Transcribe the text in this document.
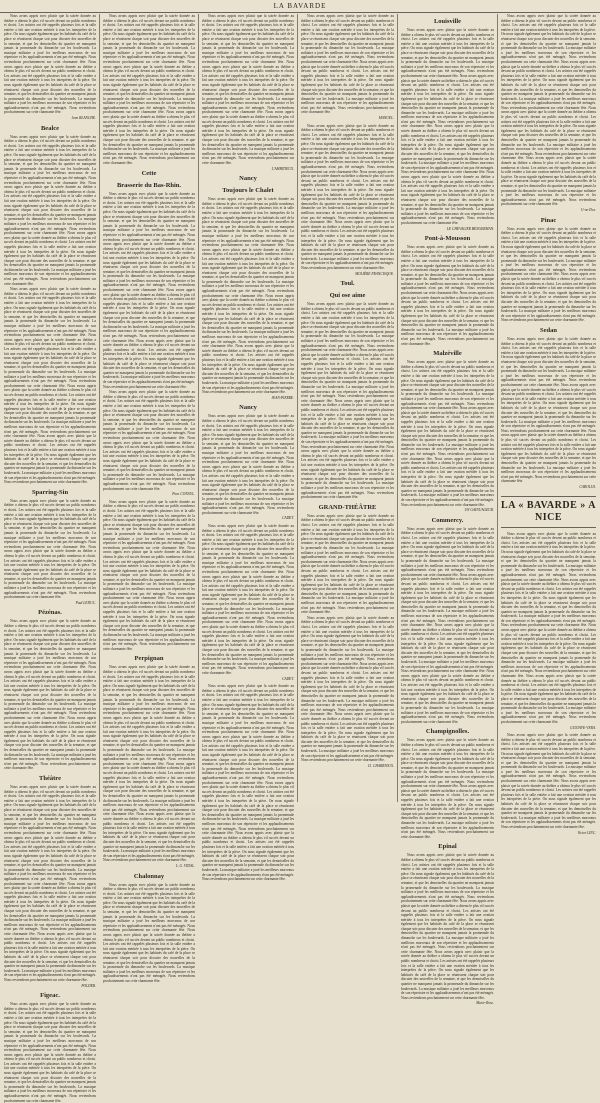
LA BAVARDE

Nous avons appris avec plaisir que la soirée donnée au théâtre a obtenu le plus vif succès devant un public nombreux et choisi. Les artistes ont été rappelés plusieurs fois et la salle entière a fait une ovation méritée à tous les interprètes de la pièce. On nous signale également que les habitués du café de la place se réunissent chaque soir pour discuter des nouvelles de la semaine, et que les demoiselles du quartier ne manquent jamais la promenade du dimanche sur les boulevards. La musique militaire a joué les meilleurs morceaux de son répertoire et les applaudissements n'ont pas été ménagés. Nous reviendrons prochainement sur cette charmante fête. Nous avons appris avec plaisir que la soirée donnée au théâtre a obtenu le plus vif succès devant un public nombreux et choisi. Les artistes ont été rappelés plusieurs fois et la salle entière a fait une ovation méritée à tous les interprètes de la pièce. On nous signale également que les habitués du café de la place se réunissent chaque soir pour discuter des nouvelles de la semaine, et que les demoiselles du quartier ne manquent jamais la promenade du dimanche sur les boulevards. La musique militaire a joué les meilleurs morceaux de son répertoire et les applaudissements n'ont pas été ménagés. Nous reviendrons prochainement sur cette charmante fête.

Jean BLANCHE.
Bealce

Nous avons appris avec plaisir que la soirée donnée au théâtre a obtenu le plus vif succès devant un public nombreux et choisi. Les artistes ont été rappelés plusieurs fois et la salle entière a fait une ovation méritée à tous les interprètes de la pièce. On nous signale également que les habitués du café de la place se réunissent chaque soir pour discuter des nouvelles de la semaine, et que les demoiselles du quartier ne manquent jamais la promenade du dimanche sur les boulevards. La musique militaire a joué les meilleurs morceaux de son répertoire et les applaudissements n'ont pas été ménagés. Nous reviendrons prochainement sur cette charmante fête. Nous avons appris avec plaisir que la soirée donnée au théâtre a obtenu le plus vif succès devant un public nombreux et choisi. Les artistes ont été rappelés plusieurs fois et la salle entière a fait une ovation méritée à tous les interprètes de la pièce. On nous signale également que les habitués du café de la place se réunissent chaque soir pour discuter des nouvelles de la semaine, et que les demoiselles du quartier ne manquent jamais la promenade du dimanche sur les boulevards. La musique militaire a joué les meilleurs morceaux de son répertoire et les applaudissements n'ont pas été ménagés. Nous reviendrons prochainement sur cette charmante fête. Nous avons appris avec plaisir que la soirée donnée au théâtre a obtenu le plus vif succès devant un public nombreux et choisi. Les artistes ont été rappelés plusieurs fois et la salle entière a fait une ovation méritée à tous les interprètes de la pièce. On nous signale également que les habitués du café de la place se réunissent chaque soir pour discuter des nouvelles de la semaine, et que les demoiselles du quartier ne manquent jamais la promenade du dimanche sur les boulevards. La musique militaire a joué les meilleurs morceaux de son répertoire et les applaudissements n'ont pas été ménagés. Nous reviendrons prochainement sur cette charmante fête.

Nous avons appris avec plaisir que la soirée donnée au théâtre a obtenu le plus vif succès devant un public nombreux et choisi. Les artistes ont été rappelés plusieurs fois et la salle entière a fait une ovation méritée à tous les interprètes de la pièce. On nous signale également que les habitués du café de la place se réunissent chaque soir pour discuter des nouvelles de la semaine, et que les demoiselles du quartier ne manquent jamais la promenade du dimanche sur les boulevards. La musique militaire a joué les meilleurs morceaux de son répertoire et les applaudissements n'ont pas été ménagés. Nous reviendrons prochainement sur cette charmante fête. Nous avons appris avec plaisir que la soirée donnée au théâtre a obtenu le plus vif succès devant un public nombreux et choisi. Les artistes ont été rappelés plusieurs fois et la salle entière a fait une ovation méritée à tous les interprètes de la pièce. On nous signale également que les habitués du café de la place se réunissent chaque soir pour discuter des nouvelles de la semaine, et que les demoiselles du quartier ne manquent jamais la promenade du dimanche sur les boulevards. La musique militaire a joué les meilleurs morceaux de son répertoire et les applaudissements n'ont pas été ménagés. Nous reviendrons prochainement sur cette charmante fête. Nous avons appris avec plaisir que la soirée donnée au théâtre a obtenu le plus vif succès devant un public nombreux et choisi. Les artistes ont été rappelés plusieurs fois et la salle entière a fait une ovation méritée à tous les interprètes de la pièce. On nous signale également que les habitués du café de la place se réunissent chaque soir pour discuter des nouvelles de la semaine, et que les demoiselles du quartier ne manquent jamais la promenade du dimanche sur les boulevards. La musique militaire a joué les meilleurs morceaux de son répertoire et les applaudissements n'ont pas été ménagés. Nous reviendrons prochainement sur cette charmante fête. Nous avons appris avec plaisir que la soirée donnée au théâtre a obtenu le plus vif succès devant un public nombreux et choisi. Les artistes ont été rappelés plusieurs fois et la salle entière a fait une ovation méritée à tous les interprètes de la pièce. On nous signale également que les habitués du café de la place se réunissent chaque soir pour discuter des nouvelles de la semaine, et que les demoiselles du quartier ne manquent jamais la promenade du dimanche sur les boulevards. La musique militaire a joué les meilleurs morceaux de son répertoire et les applaudissements n'ont pas été ménagés. Nous reviendrons prochainement sur cette charmante fête.

Sparring-Sin

Nous avons appris avec plaisir que la soirée donnée au théâtre a obtenu le plus vif succès devant un public nombreux et choisi. Les artistes ont été rappelés plusieurs fois et la salle entière a fait une ovation méritée à tous les interprètes de la pièce. On nous signale également que les habitués du café de la place se réunissent chaque soir pour discuter des nouvelles de la semaine, et que les demoiselles du quartier ne manquent jamais la promenade du dimanche sur les boulevards. La musique militaire a joué les meilleurs morceaux de son répertoire et les applaudissements n'ont pas été ménagés. Nous reviendrons prochainement sur cette charmante fête. Nous avons appris avec plaisir que la soirée donnée au théâtre a obtenu le plus vif succès devant un public nombreux et choisi. Les artistes ont été rappelés plusieurs fois et la salle entière a fait une ovation méritée à tous les interprètes de la pièce. On nous signale également que les habitués du café de la place se réunissent chaque soir pour discuter des nouvelles de la semaine, et que les demoiselles du quartier ne manquent jamais la promenade du dimanche sur les boulevards. La musique militaire a joué les meilleurs morceaux de son répertoire et les applaudissements n'ont pas été ménagés. Nous reviendrons prochainement sur cette charmante fête.

Paul LEDUC.
Pézénas.

Nous avons appris avec plaisir que la soirée donnée au théâtre a obtenu le plus vif succès devant un public nombreux et choisi. Les artistes ont été rappelés plusieurs fois et la salle entière a fait une ovation méritée à tous les interprètes de la pièce. On nous signale également que les habitués du café de la place se réunissent chaque soir pour discuter des nouvelles de la semaine, et que les demoiselles du quartier ne manquent jamais la promenade du dimanche sur les boulevards. La musique militaire a joué les meilleurs morceaux de son répertoire et les applaudissements n'ont pas été ménagés. Nous reviendrons prochainement sur cette charmante fête. Nous avons appris avec plaisir que la soirée donnée au théâtre a obtenu le plus vif succès devant un public nombreux et choisi. Les artistes ont été rappelés plusieurs fois et la salle entière a fait une ovation méritée à tous les interprètes de la pièce. On nous signale également que les habitués du café de la place se réunissent chaque soir pour discuter des nouvelles de la semaine, et que les demoiselles du quartier ne manquent jamais la promenade du dimanche sur les boulevards. La musique militaire a joué les meilleurs morceaux de son répertoire et les applaudissements n'ont pas été ménagés. Nous reviendrons prochainement sur cette charmante fête. Nous avons appris avec plaisir que la soirée donnée au théâtre a obtenu le plus vif succès devant un public nombreux et choisi. Les artistes ont été rappelés plusieurs fois et la salle entière a fait une ovation méritée à tous les interprètes de la pièce. On nous signale également que les habitués du café de la place se réunissent chaque soir pour discuter des nouvelles de la semaine, et que les demoiselles du quartier ne manquent jamais la promenade du dimanche sur les boulevards. La musique militaire a joué les meilleurs morceaux de son répertoire et les applaudissements n'ont pas été ménagés. Nous reviendrons prochainement sur cette charmante fête.

Théâtre

Nous avons appris avec plaisir que la soirée donnée au théâtre a obtenu le plus vif succès devant un public nombreux et choisi. Les artistes ont été rappelés plusieurs fois et la salle entière a fait une ovation méritée à tous les interprètes de la pièce. On nous signale également que les habitués du café de la place se réunissent chaque soir pour discuter des nouvelles de la semaine, et que les demoiselles du quartier ne manquent jamais la promenade du dimanche sur les boulevards. La musique militaire a joué les meilleurs morceaux de son répertoire et les applaudissements n'ont pas été ménagés. Nous reviendrons prochainement sur cette charmante fête. Nous avons appris avec plaisir que la soirée donnée au théâtre a obtenu le plus vif succès devant un public nombreux et choisi. Les artistes ont été rappelés plusieurs fois et la salle entière a fait une ovation méritée à tous les interprètes de la pièce. On nous signale également que les habitués du café de la place se réunissent chaque soir pour discuter des nouvelles de la semaine, et que les demoiselles du quartier ne manquent jamais la promenade du dimanche sur les boulevards. La musique militaire a joué les meilleurs morceaux de son répertoire et les applaudissements n'ont pas été ménagés. Nous reviendrons prochainement sur cette charmante fête. Nous avons appris avec plaisir que la soirée donnée au théâtre a obtenu le plus vif succès devant un public nombreux et choisi. Les artistes ont été rappelés plusieurs fois et la salle entière a fait une ovation méritée à tous les interprètes de la pièce. On nous signale également que les habitués du café de la place se réunissent chaque soir pour discuter des nouvelles de la semaine, et que les demoiselles du quartier ne manquent jamais la promenade du dimanche sur les boulevards. La musique militaire a joué les meilleurs morceaux de son répertoire et les applaudissements n'ont pas été ménagés. Nous reviendrons prochainement sur cette charmante fête. Nous avons appris avec plaisir que la soirée donnée au théâtre a obtenu le plus vif succès devant un public nombreux et choisi. Les artistes ont été rappelés plusieurs fois et la salle entière a fait une ovation méritée à tous les interprètes de la pièce. On nous signale également que les habitués du café de la place se réunissent chaque soir pour discuter des nouvelles de la semaine, et que les demoiselles du quartier ne manquent jamais la promenade du dimanche sur les boulevards. La musique militaire a joué les meilleurs morceaux de son répertoire et les applaudissements n'ont pas été ménagés. Nous reviendrons prochainement sur cette charmante fête.

POLDER.
Figeac.

Nous avons appris avec plaisir que la soirée donnée au théâtre a obtenu le plus vif succès devant un public nombreux et choisi. Les artistes ont été rappelés plusieurs fois et la salle entière a fait une ovation méritée à tous les interprètes de la pièce. On nous signale également que les habitués du café de la place se réunissent chaque soir pour discuter des nouvelles de la semaine, et que les demoiselles du quartier ne manquent jamais la promenade du dimanche sur les boulevards. La musique militaire a joué les meilleurs morceaux de son répertoire et les applaudissements n'ont pas été ménagés. Nous reviendrons prochainement sur cette charmante fête. Nous avons appris avec plaisir que la soirée donnée au théâtre a obtenu le plus vif succès devant un public nombreux et choisi. Les artistes ont été rappelés plusieurs fois et la salle entière a fait une ovation méritée à tous les interprètes de la pièce. On nous signale également que les habitués du café de la place se réunissent chaque soir pour discuter des nouvelles de la semaine, et que les demoiselles du quartier ne manquent jamais la promenade du dimanche sur les boulevards. La musique militaire a joué les meilleurs morceaux de son répertoire et les applaudissements n'ont pas été ménagés. Nous reviendrons prochainement sur cette charmante fête.

Nous avons appris avec plaisir que la soirée donnée au théâtre a obtenu le plus vif succès devant un public nombreux et choisi. Les artistes ont été rappelés plusieurs fois et la salle entière a fait une ovation méritée à tous les interprètes de la pièce. On nous signale également que les habitués du café de la place se réunissent chaque soir pour discuter des nouvelles de la semaine, et que les demoiselles du quartier ne manquent jamais la promenade du dimanche sur les boulevards. La musique militaire a joué les meilleurs morceaux de son répertoire et les applaudissements n'ont pas été ménagés. Nous reviendrons prochainement sur cette charmante fête. Nous avons appris avec plaisir que la soirée donnée au théâtre a obtenu le plus vif succès devant un public nombreux et choisi. Les artistes ont été rappelés plusieurs fois et la salle entière a fait une ovation méritée à tous les interprètes de la pièce. On nous signale également que les habitués du café de la place se réunissent chaque soir pour discuter des nouvelles de la semaine, et que les demoiselles du quartier ne manquent jamais la promenade du dimanche sur les boulevards. La musique militaire a joué les meilleurs morceaux de son répertoire et les applaudissements n'ont pas été ménagés. Nous reviendrons prochainement sur cette charmante fête. Nous avons appris avec plaisir que la soirée donnée au théâtre a obtenu le plus vif succès devant un public nombreux et choisi. Les artistes ont été rappelés plusieurs fois et la salle entière a fait une ovation méritée à tous les interprètes de la pièce. On nous signale également que les habitués du café de la place se réunissent chaque soir pour discuter des nouvelles de la semaine, et que les demoiselles du quartier ne manquent jamais la promenade du dimanche sur les boulevards. La musique militaire a joué les meilleurs morceaux de son répertoire et les applaudissements n'ont pas été ménagés. Nous reviendrons prochainement sur cette charmante fête.

Cette
Brasserie du Bas-Rhin.

Nous avons appris avec plaisir que la soirée donnée au théâtre a obtenu le plus vif succès devant un public nombreux et choisi. Les artistes ont été rappelés plusieurs fois et la salle entière a fait une ovation méritée à tous les interprètes de la pièce. On nous signale également que les habitués du café de la place se réunissent chaque soir pour discuter des nouvelles de la semaine, et que les demoiselles du quartier ne manquent jamais la promenade du dimanche sur les boulevards. La musique militaire a joué les meilleurs morceaux de son répertoire et les applaudissements n'ont pas été ménagés. Nous reviendrons prochainement sur cette charmante fête. Nous avons appris avec plaisir que la soirée donnée au théâtre a obtenu le plus vif succès devant un public nombreux et choisi. Les artistes ont été rappelés plusieurs fois et la salle entière a fait une ovation méritée à tous les interprètes de la pièce. On nous signale également que les habitués du café de la place se réunissent chaque soir pour discuter des nouvelles de la semaine, et que les demoiselles du quartier ne manquent jamais la promenade du dimanche sur les boulevards. La musique militaire a joué les meilleurs morceaux de son répertoire et les applaudissements n'ont pas été ménagés. Nous reviendrons prochainement sur cette charmante fête. Nous avons appris avec plaisir que la soirée donnée au théâtre a obtenu le plus vif succès devant un public nombreux et choisi. Les artistes ont été rappelés plusieurs fois et la salle entière a fait une ovation méritée à tous les interprètes de la pièce. On nous signale également que les habitués du café de la place se réunissent chaque soir pour discuter des nouvelles de la semaine, et que les demoiselles du quartier ne manquent jamais la promenade du dimanche sur les boulevards. La musique militaire a joué les meilleurs morceaux de son répertoire et les applaudissements n'ont pas été ménagés. Nous reviendrons prochainement sur cette charmante fête. Nous avons appris avec plaisir que la soirée donnée au théâtre a obtenu le plus vif succès devant un public nombreux et choisi. Les artistes ont été rappelés plusieurs fois et la salle entière a fait une ovation méritée à tous les interprètes de la pièce. On nous signale également que les habitués du café de la place se réunissent chaque soir pour discuter des nouvelles de la semaine, et que les demoiselles du quartier ne manquent jamais la promenade du dimanche sur les boulevards. La musique militaire a joué les meilleurs morceaux de son répertoire et les applaudissements n'ont pas été ménagés. Nous reviendrons prochainement sur cette charmante fête.

Nous avons appris avec plaisir que la soirée donnée au théâtre a obtenu le plus vif succès devant un public nombreux et choisi. Les artistes ont été rappelés plusieurs fois et la salle entière a fait une ovation méritée à tous les interprètes de la pièce. On nous signale également que les habitués du café de la place se réunissent chaque soir pour discuter des nouvelles de la semaine, et que les demoiselles du quartier ne manquent jamais la promenade du dimanche sur les boulevards. La musique militaire a joué les meilleurs morceaux de son répertoire et les applaudissements n'ont pas été ménagés. Nous reviendrons prochainement sur cette charmante fête. Nous avons appris avec plaisir que la soirée donnée au théâtre a obtenu le plus vif succès devant un public nombreux et choisi. Les artistes ont été rappelés plusieurs fois et la salle entière a fait une ovation méritée à tous les interprètes de la pièce. On nous signale également que les habitués du café de la place se réunissent chaque soir pour discuter des nouvelles de la semaine, et que les demoiselles du quartier ne manquent jamais la promenade du dimanche sur les boulevards. La musique militaire a joué les meilleurs morceaux de son répertoire et les applaudissements n'ont pas été ménagés. Nous reviendrons prochainement sur cette charmante fête.

Pour CONSUL.

Nous avons appris avec plaisir que la soirée donnée au théâtre a obtenu le plus vif succès devant un public nombreux et choisi. Les artistes ont été rappelés plusieurs fois et la salle entière a fait une ovation méritée à tous les interprètes de la pièce. On nous signale également que les habitués du café de la place se réunissent chaque soir pour discuter des nouvelles de la semaine, et que les demoiselles du quartier ne manquent jamais la promenade du dimanche sur les boulevards. La musique militaire a joué les meilleurs morceaux de son répertoire et les applaudissements n'ont pas été ménagés. Nous reviendrons prochainement sur cette charmante fête. Nous avons appris avec plaisir que la soirée donnée au théâtre a obtenu le plus vif succès devant un public nombreux et choisi. Les artistes ont été rappelés plusieurs fois et la salle entière a fait une ovation méritée à tous les interprètes de la pièce. On nous signale également que les habitués du café de la place se réunissent chaque soir pour discuter des nouvelles de la semaine, et que les demoiselles du quartier ne manquent jamais la promenade du dimanche sur les boulevards. La musique militaire a joué les meilleurs morceaux de son répertoire et les applaudissements n'ont pas été ménagés. Nous reviendrons prochainement sur cette charmante fête. Nous avons appris avec plaisir que la soirée donnée au théâtre a obtenu le plus vif succès devant un public nombreux et choisi. Les artistes ont été rappelés plusieurs fois et la salle entière a fait une ovation méritée à tous les interprètes de la pièce. On nous signale également que les habitués du café de la place se réunissent chaque soir pour discuter des nouvelles de la semaine, et que les demoiselles du quartier ne manquent jamais la promenade du dimanche sur les boulevards. La musique militaire a joué les meilleurs morceaux de son répertoire et les applaudissements n'ont pas été ménagés. Nous reviendrons prochainement sur cette charmante fête.

Perpignan

Nous avons appris avec plaisir que la soirée donnée au théâtre a obtenu le plus vif succès devant un public nombreux et choisi. Les artistes ont été rappelés plusieurs fois et la salle entière a fait une ovation méritée à tous les interprètes de la pièce. On nous signale également que les habitués du café de la place se réunissent chaque soir pour discuter des nouvelles de la semaine, et que les demoiselles du quartier ne manquent jamais la promenade du dimanche sur les boulevards. La musique militaire a joué les meilleurs morceaux de son répertoire et les applaudissements n'ont pas été ménagés. Nous reviendrons prochainement sur cette charmante fête. Nous avons appris avec plaisir que la soirée donnée au théâtre a obtenu le plus vif succès devant un public nombreux et choisi. Les artistes ont été rappelés plusieurs fois et la salle entière a fait une ovation méritée à tous les interprètes de la pièce. On nous signale également que les habitués du café de la place se réunissent chaque soir pour discuter des nouvelles de la semaine, et que les demoiselles du quartier ne manquent jamais la promenade du dimanche sur les boulevards. La musique militaire a joué les meilleurs morceaux de son répertoire et les applaudissements n'ont pas été ménagés. Nous reviendrons prochainement sur cette charmante fête. Nous avons appris avec plaisir que la soirée donnée au théâtre a obtenu le plus vif succès devant un public nombreux et choisi. Les artistes ont été rappelés plusieurs fois et la salle entière a fait une ovation méritée à tous les interprètes de la pièce. On nous signale également que les habitués du café de la place se réunissent chaque soir pour discuter des nouvelles de la semaine, et que les demoiselles du quartier ne manquent jamais la promenade du dimanche sur les boulevards. La musique militaire a joué les meilleurs morceaux de son répertoire et les applaudissements n'ont pas été ménagés. Nous reviendrons prochainement sur cette charmante fête. Nous avons appris avec plaisir que la soirée donnée au théâtre a obtenu le plus vif succès devant un public nombreux et choisi. Les artistes ont été rappelés plusieurs fois et la salle entière a fait une ovation méritée à tous les interprètes de la pièce. On nous signale également que les habitués du café de la place se réunissent chaque soir pour discuter des nouvelles de la semaine, et que les demoiselles du quartier ne manquent jamais la promenade du dimanche sur les boulevards. La musique militaire a joué les meilleurs morceaux de son répertoire et les applaudissements n'ont pas été ménagés. Nous reviendrons prochainement sur cette charmante fête.

L. G. VIDAL.
Chalonnay

Nous avons appris avec plaisir que la soirée donnée au théâtre a obtenu le plus vif succès devant un public nombreux et choisi. Les artistes ont été rappelés plusieurs fois et la salle entière a fait une ovation méritée à tous les interprètes de la pièce. On nous signale également que les habitués du café de la place se réunissent chaque soir pour discuter des nouvelles de la semaine, et que les demoiselles du quartier ne manquent jamais la promenade du dimanche sur les boulevards. La musique militaire a joué les meilleurs morceaux de son répertoire et les applaudissements n'ont pas été ménagés. Nous reviendrons prochainement sur cette charmante fête. Nous avons appris avec plaisir que la soirée donnée au théâtre a obtenu le plus vif succès devant un public nombreux et choisi. Les artistes ont été rappelés plusieurs fois et la salle entière a fait une ovation méritée à tous les interprètes de la pièce. On nous signale également que les habitués du café de la place se réunissent chaque soir pour discuter des nouvelles de la semaine, et que les demoiselles du quartier ne manquent jamais la promenade du dimanche sur les boulevards. La musique militaire a joué les meilleurs morceaux de son répertoire et les applaudissements n'ont pas été ménagés. Nous reviendrons prochainement sur cette charmante fête.

Nous avons appris avec plaisir que la soirée donnée au théâtre a obtenu le plus vif succès devant un public nombreux et choisi. Les artistes ont été rappelés plusieurs fois et la salle entière a fait une ovation méritée à tous les interprètes de la pièce. On nous signale également que les habitués du café de la place se réunissent chaque soir pour discuter des nouvelles de la semaine, et que les demoiselles du quartier ne manquent jamais la promenade du dimanche sur les boulevards. La musique militaire a joué les meilleurs morceaux de son répertoire et les applaudissements n'ont pas été ménagés. Nous reviendrons prochainement sur cette charmante fête. Nous avons appris avec plaisir que la soirée donnée au théâtre a obtenu le plus vif succès devant un public nombreux et choisi. Les artistes ont été rappelés plusieurs fois et la salle entière a fait une ovation méritée à tous les interprètes de la pièce. On nous signale également que les habitués du café de la place se réunissent chaque soir pour discuter des nouvelles de la semaine, et que les demoiselles du quartier ne manquent jamais la promenade du dimanche sur les boulevards. La musique militaire a joué les meilleurs morceaux de son répertoire et les applaudissements n'ont pas été ménagés. Nous reviendrons prochainement sur cette charmante fête. Nous avons appris avec plaisir que la soirée donnée au théâtre a obtenu le plus vif succès devant un public nombreux et choisi. Les artistes ont été rappelés plusieurs fois et la salle entière a fait une ovation méritée à tous les interprètes de la pièce. On nous signale également que les habitués du café de la place se réunissent chaque soir pour discuter des nouvelles de la semaine, et que les demoiselles du quartier ne manquent jamais la promenade du dimanche sur les boulevards. La musique militaire a joué les meilleurs morceaux de son répertoire et les applaudissements n'ont pas été ménagés. Nous reviendrons prochainement sur cette charmante fête.

L'AMBITIEUX.
Nancy
Toujours le Chalet

Nous avons appris avec plaisir que la soirée donnée au théâtre a obtenu le plus vif succès devant un public nombreux et choisi. Les artistes ont été rappelés plusieurs fois et la salle entière a fait une ovation méritée à tous les interprètes de la pièce. On nous signale également que les habitués du café de la place se réunissent chaque soir pour discuter des nouvelles de la semaine, et que les demoiselles du quartier ne manquent jamais la promenade du dimanche sur les boulevards. La musique militaire a joué les meilleurs morceaux de son répertoire et les applaudissements n'ont pas été ménagés. Nous reviendrons prochainement sur cette charmante fête. Nous avons appris avec plaisir que la soirée donnée au théâtre a obtenu le plus vif succès devant un public nombreux et choisi. Les artistes ont été rappelés plusieurs fois et la salle entière a fait une ovation méritée à tous les interprètes de la pièce. On nous signale également que les habitués du café de la place se réunissent chaque soir pour discuter des nouvelles de la semaine, et que les demoiselles du quartier ne manquent jamais la promenade du dimanche sur les boulevards. La musique militaire a joué les meilleurs morceaux de son répertoire et les applaudissements n'ont pas été ménagés. Nous reviendrons prochainement sur cette charmante fête. Nous avons appris avec plaisir que la soirée donnée au théâtre a obtenu le plus vif succès devant un public nombreux et choisi. Les artistes ont été rappelés plusieurs fois et la salle entière a fait une ovation méritée à tous les interprètes de la pièce. On nous signale également que les habitués du café de la place se réunissent chaque soir pour discuter des nouvelles de la semaine, et que les demoiselles du quartier ne manquent jamais la promenade du dimanche sur les boulevards. La musique militaire a joué les meilleurs morceaux de son répertoire et les applaudissements n'ont pas été ménagés. Nous reviendrons prochainement sur cette charmante fête. Nous avons appris avec plaisir que la soirée donnée au théâtre a obtenu le plus vif succès devant un public nombreux et choisi. Les artistes ont été rappelés plusieurs fois et la salle entière a fait une ovation méritée à tous les interprètes de la pièce. On nous signale également que les habitués du café de la place se réunissent chaque soir pour discuter des nouvelles de la semaine, et que les demoiselles du quartier ne manquent jamais la promenade du dimanche sur les boulevards. La musique militaire a joué les meilleurs morceaux de son répertoire et les applaudissements n'ont pas été ménagés. Nous reviendrons prochainement sur cette charmante fête.

JEAN-PIERRE.
Nancy

Nous avons appris avec plaisir que la soirée donnée au théâtre a obtenu le plus vif succès devant un public nombreux et choisi. Les artistes ont été rappelés plusieurs fois et la salle entière a fait une ovation méritée à tous les interprètes de la pièce. On nous signale également que les habitués du café de la place se réunissent chaque soir pour discuter des nouvelles de la semaine, et que les demoiselles du quartier ne manquent jamais la promenade du dimanche sur les boulevards. La musique militaire a joué les meilleurs morceaux de son répertoire et les applaudissements n'ont pas été ménagés. Nous reviendrons prochainement sur cette charmante fête. Nous avons appris avec plaisir que la soirée donnée au théâtre a obtenu le plus vif succès devant un public nombreux et choisi. Les artistes ont été rappelés plusieurs fois et la salle entière a fait une ovation méritée à tous les interprètes de la pièce. On nous signale également que les habitués du café de la place se réunissent chaque soir pour discuter des nouvelles de la semaine, et que les demoiselles du quartier ne manquent jamais la promenade du dimanche sur les boulevards. La musique militaire a joué les meilleurs morceaux de son répertoire et les applaudissements n'ont pas été ménagés. Nous reviendrons prochainement sur cette charmante fête.

CADET.

Nous avons appris avec plaisir que la soirée donnée au théâtre a obtenu le plus vif succès devant un public nombreux et choisi. Les artistes ont été rappelés plusieurs fois et la salle entière a fait une ovation méritée à tous les interprètes de la pièce. On nous signale également que les habitués du café de la place se réunissent chaque soir pour discuter des nouvelles de la semaine, et que les demoiselles du quartier ne manquent jamais la promenade du dimanche sur les boulevards. La musique militaire a joué les meilleurs morceaux de son répertoire et les applaudissements n'ont pas été ménagés. Nous reviendrons prochainement sur cette charmante fête. Nous avons appris avec plaisir que la soirée donnée au théâtre a obtenu le plus vif succès devant un public nombreux et choisi. Les artistes ont été rappelés plusieurs fois et la salle entière a fait une ovation méritée à tous les interprètes de la pièce. On nous signale également que les habitués du café de la place se réunissent chaque soir pour discuter des nouvelles de la semaine, et que les demoiselles du quartier ne manquent jamais la promenade du dimanche sur les boulevards. La musique militaire a joué les meilleurs morceaux de son répertoire et les applaudissements n'ont pas été ménagés. Nous reviendrons prochainement sur cette charmante fête. Nous avons appris avec plaisir que la soirée donnée au théâtre a obtenu le plus vif succès devant un public nombreux et choisi. Les artistes ont été rappelés plusieurs fois et la salle entière a fait une ovation méritée à tous les interprètes de la pièce. On nous signale également que les habitués du café de la place se réunissent chaque soir pour discuter des nouvelles de la semaine, et que les demoiselles du quartier ne manquent jamais la promenade du dimanche sur les boulevards. La musique militaire a joué les meilleurs morceaux de son répertoire et les applaudissements n'ont pas été ménagés. Nous reviendrons prochainement sur cette charmante fête.

CADET.

Nous avons appris avec plaisir que la soirée donnée au théâtre a obtenu le plus vif succès devant un public nombreux et choisi. Les artistes ont été rappelés plusieurs fois et la salle entière a fait une ovation méritée à tous les interprètes de la pièce. On nous signale également que les habitués du café de la place se réunissent chaque soir pour discuter des nouvelles de la semaine, et que les demoiselles du quartier ne manquent jamais la promenade du dimanche sur les boulevards. La musique militaire a joué les meilleurs morceaux de son répertoire et les applaudissements n'ont pas été ménagés. Nous reviendrons prochainement sur cette charmante fête. Nous avons appris avec plaisir que la soirée donnée au théâtre a obtenu le plus vif succès devant un public nombreux et choisi. Les artistes ont été rappelés plusieurs fois et la salle entière a fait une ovation méritée à tous les interprètes de la pièce. On nous signale également que les habitués du café de la place se réunissent chaque soir pour discuter des nouvelles de la semaine, et que les demoiselles du quartier ne manquent jamais la promenade du dimanche sur les boulevards. La musique militaire a joué les meilleurs morceaux de son répertoire et les applaudissements n'ont pas été ménagés. Nous reviendrons prochainement sur cette charmante fête. Nous avons appris avec plaisir que la soirée donnée au théâtre a obtenu le plus vif succès devant un public nombreux et choisi. Les artistes ont été rappelés plusieurs fois et la salle entière a fait une ovation méritée à tous les interprètes de la pièce. On nous signale également que les habitués du café de la place se réunissent chaque soir pour discuter des nouvelles de la semaine, et que les demoiselles du quartier ne manquent jamais la promenade du dimanche sur les boulevards. La musique militaire a joué les meilleurs morceaux de son répertoire et les applaudissements n'ont pas été ménagés. Nous reviendrons prochainement sur cette charmante fête. Nous avons appris avec plaisir que la soirée donnée au théâtre a obtenu le plus vif succès devant un public nombreux et choisi. Les artistes ont été rappelés plusieurs fois et la salle entière a fait une ovation méritée à tous les interprètes de la pièce. On nous signale également que les habitués du café de la place se réunissent chaque soir pour discuter des nouvelles de la semaine, et que les demoiselles du quartier ne manquent jamais la promenade du dimanche sur les boulevards. La musique militaire a joué les meilleurs morceaux de son répertoire et les applaudissements n'ont pas été ménagés. Nous reviendrons prochainement sur cette charmante fête.

Nous avons appris avec plaisir que la soirée donnée au théâtre a obtenu le plus vif succès devant un public nombreux et choisi. Les artistes ont été rappelés plusieurs fois et la salle entière a fait une ovation méritée à tous les interprètes de la pièce. On nous signale également que les habitués du café de la place se réunissent chaque soir pour discuter des nouvelles de la semaine, et que les demoiselles du quartier ne manquent jamais la promenade du dimanche sur les boulevards. La musique militaire a joué les meilleurs morceaux de son répertoire et les applaudissements n'ont pas été ménagés. Nous reviendrons prochainement sur cette charmante fête. Nous avons appris avec plaisir que la soirée donnée au théâtre a obtenu le plus vif succès devant un public nombreux et choisi. Les artistes ont été rappelés plusieurs fois et la salle entière a fait une ovation méritée à tous les interprètes de la pièce. On nous signale également que les habitués du café de la place se réunissent chaque soir pour discuter des nouvelles de la semaine, et que les demoiselles du quartier ne manquent jamais la promenade du dimanche sur les boulevards. La musique militaire a joué les meilleurs morceaux de son répertoire et les applaudissements n'ont pas été ménagés. Nous reviendrons prochainement sur cette charmante fête.

MANUEL.

Nous avons appris avec plaisir que la soirée donnée au théâtre a obtenu le plus vif succès devant un public nombreux et choisi. Les artistes ont été rappelés plusieurs fois et la salle entière a fait une ovation méritée à tous les interprètes de la pièce. On nous signale également que les habitués du café de la place se réunissent chaque soir pour discuter des nouvelles de la semaine, et que les demoiselles du quartier ne manquent jamais la promenade du dimanche sur les boulevards. La musique militaire a joué les meilleurs morceaux de son répertoire et les applaudissements n'ont pas été ménagés. Nous reviendrons prochainement sur cette charmante fête. Nous avons appris avec plaisir que la soirée donnée au théâtre a obtenu le plus vif succès devant un public nombreux et choisi. Les artistes ont été rappelés plusieurs fois et la salle entière a fait une ovation méritée à tous les interprètes de la pièce. On nous signale également que les habitués du café de la place se réunissent chaque soir pour discuter des nouvelles de la semaine, et que les demoiselles du quartier ne manquent jamais la promenade du dimanche sur les boulevards. La musique militaire a joué les meilleurs morceaux de son répertoire et les applaudissements n'ont pas été ménagés. Nous reviendrons prochainement sur cette charmante fête. Nous avons appris avec plaisir que la soirée donnée au théâtre a obtenu le plus vif succès devant un public nombreux et choisi. Les artistes ont été rappelés plusieurs fois et la salle entière a fait une ovation méritée à tous les interprètes de la pièce. On nous signale également que les habitués du café de la place se réunissent chaque soir pour discuter des nouvelles de la semaine, et que les demoiselles du quartier ne manquent jamais la promenade du dimanche sur les boulevards. La musique militaire a joué les meilleurs morceaux de son répertoire et les applaudissements n'ont pas été ménagés. Nous reviendrons prochainement sur cette charmante fête.

MOLIÈRE FRANCISQUE.
Toul.
Qui ose aime

Nous avons appris avec plaisir que la soirée donnée au théâtre a obtenu le plus vif succès devant un public nombreux et choisi. Les artistes ont été rappelés plusieurs fois et la salle entière a fait une ovation méritée à tous les interprètes de la pièce. On nous signale également que les habitués du café de la place se réunissent chaque soir pour discuter des nouvelles de la semaine, et que les demoiselles du quartier ne manquent jamais la promenade du dimanche sur les boulevards. La musique militaire a joué les meilleurs morceaux de son répertoire et les applaudissements n'ont pas été ménagés. Nous reviendrons prochainement sur cette charmante fête. Nous avons appris avec plaisir que la soirée donnée au théâtre a obtenu le plus vif succès devant un public nombreux et choisi. Les artistes ont été rappelés plusieurs fois et la salle entière a fait une ovation méritée à tous les interprètes de la pièce. On nous signale également que les habitués du café de la place se réunissent chaque soir pour discuter des nouvelles de la semaine, et que les demoiselles du quartier ne manquent jamais la promenade du dimanche sur les boulevards. La musique militaire a joué les meilleurs morceaux de son répertoire et les applaudissements n'ont pas été ménagés. Nous reviendrons prochainement sur cette charmante fête. Nous avons appris avec plaisir que la soirée donnée au théâtre a obtenu le plus vif succès devant un public nombreux et choisi. Les artistes ont été rappelés plusieurs fois et la salle entière a fait une ovation méritée à tous les interprètes de la pièce. On nous signale également que les habitués du café de la place se réunissent chaque soir pour discuter des nouvelles de la semaine, et que les demoiselles du quartier ne manquent jamais la promenade du dimanche sur les boulevards. La musique militaire a joué les meilleurs morceaux de son répertoire et les applaudissements n'ont pas été ménagés. Nous reviendrons prochainement sur cette charmante fête. Nous avons appris avec plaisir que la soirée donnée au théâtre a obtenu le plus vif succès devant un public nombreux et choisi. Les artistes ont été rappelés plusieurs fois et la salle entière a fait une ovation méritée à tous les interprètes de la pièce. On nous signale également que les habitués du café de la place se réunissent chaque soir pour discuter des nouvelles de la semaine, et que les demoiselles du quartier ne manquent jamais la promenade du dimanche sur les boulevards. La musique militaire a joué les meilleurs morceaux de son répertoire et les applaudissements n'ont pas été ménagés. Nous reviendrons prochainement sur cette charmante fête.

GRAND-THÉÂTRE

Nous avons appris avec plaisir que la soirée donnée au théâtre a obtenu le plus vif succès devant un public nombreux et choisi. Les artistes ont été rappelés plusieurs fois et la salle entière a fait une ovation méritée à tous les interprètes de la pièce. On nous signale également que les habitués du café de la place se réunissent chaque soir pour discuter des nouvelles de la semaine, et que les demoiselles du quartier ne manquent jamais la promenade du dimanche sur les boulevards. La musique militaire a joué les meilleurs morceaux de son répertoire et les applaudissements n'ont pas été ménagés. Nous reviendrons prochainement sur cette charmante fête. Nous avons appris avec plaisir que la soirée donnée au théâtre a obtenu le plus vif succès devant un public nombreux et choisi. Les artistes ont été rappelés plusieurs fois et la salle entière a fait une ovation méritée à tous les interprètes de la pièce. On nous signale également que les habitués du café de la place se réunissent chaque soir pour discuter des nouvelles de la semaine, et que les demoiselles du quartier ne manquent jamais la promenade du dimanche sur les boulevards. La musique militaire a joué les meilleurs morceaux de son répertoire et les applaudissements n'ont pas été ménagés. Nous reviendrons prochainement sur cette charmante fête.

Nous avons appris avec plaisir que la soirée donnée au théâtre a obtenu le plus vif succès devant un public nombreux et choisi. Les artistes ont été rappelés plusieurs fois et la salle entière a fait une ovation méritée à tous les interprètes de la pièce. On nous signale également que les habitués du café de la place se réunissent chaque soir pour discuter des nouvelles de la semaine, et que les demoiselles du quartier ne manquent jamais la promenade du dimanche sur les boulevards. La musique militaire a joué les meilleurs morceaux de son répertoire et les applaudissements n'ont pas été ménagés. Nous reviendrons prochainement sur cette charmante fête. Nous avons appris avec plaisir que la soirée donnée au théâtre a obtenu le plus vif succès devant un public nombreux et choisi. Les artistes ont été rappelés plusieurs fois et la salle entière a fait une ovation méritée à tous les interprètes de la pièce. On nous signale également que les habitués du café de la place se réunissent chaque soir pour discuter des nouvelles de la semaine, et que les demoiselles du quartier ne manquent jamais la promenade du dimanche sur les boulevards. La musique militaire a joué les meilleurs morceaux de son répertoire et les applaudissements n'ont pas été ménagés. Nous reviendrons prochainement sur cette charmante fête. Nous avons appris avec plaisir que la soirée donnée au théâtre a obtenu le plus vif succès devant un public nombreux et choisi. Les artistes ont été rappelés plusieurs fois et la salle entière a fait une ovation méritée à tous les interprètes de la pièce. On nous signale également que les habitués du café de la place se réunissent chaque soir pour discuter des nouvelles de la semaine, et que les demoiselles du quartier ne manquent jamais la promenade du dimanche sur les boulevards. La musique militaire a joué les meilleurs morceaux de son répertoire et les applaudissements n'ont pas été ménagés. Nous reviendrons prochainement sur cette charmante fête.

Cl. CHARRIOUX.
Louisville

Nous avons appris avec plaisir que la soirée donnée au théâtre a obtenu le plus vif succès devant un public nombreux et choisi. Les artistes ont été rappelés plusieurs fois et la salle entière a fait une ovation méritée à tous les interprètes de la pièce. On nous signale également que les habitués du café de la place se réunissent chaque soir pour discuter des nouvelles de la semaine, et que les demoiselles du quartier ne manquent jamais la promenade du dimanche sur les boulevards. La musique militaire a joué les meilleurs morceaux de son répertoire et les applaudissements n'ont pas été ménagés. Nous reviendrons prochainement sur cette charmante fête. Nous avons appris avec plaisir que la soirée donnée au théâtre a obtenu le plus vif succès devant un public nombreux et choisi. Les artistes ont été rappelés plusieurs fois et la salle entière a fait une ovation méritée à tous les interprètes de la pièce. On nous signale également que les habitués du café de la place se réunissent chaque soir pour discuter des nouvelles de la semaine, et que les demoiselles du quartier ne manquent jamais la promenade du dimanche sur les boulevards. La musique militaire a joué les meilleurs morceaux de son répertoire et les applaudissements n'ont pas été ménagés. Nous reviendrons prochainement sur cette charmante fête. Nous avons appris avec plaisir que la soirée donnée au théâtre a obtenu le plus vif succès devant un public nombreux et choisi. Les artistes ont été rappelés plusieurs fois et la salle entière a fait une ovation méritée à tous les interprètes de la pièce. On nous signale également que les habitués du café de la place se réunissent chaque soir pour discuter des nouvelles de la semaine, et que les demoiselles du quartier ne manquent jamais la promenade du dimanche sur les boulevards. La musique militaire a joué les meilleurs morceaux de son répertoire et les applaudissements n'ont pas été ménagés. Nous reviendrons prochainement sur cette charmante fête. Nous avons appris avec plaisir que la soirée donnée au théâtre a obtenu le plus vif succès devant un public nombreux et choisi. Les artistes ont été rappelés plusieurs fois et la salle entière a fait une ovation méritée à tous les interprètes de la pièce. On nous signale également que les habitués du café de la place se réunissent chaque soir pour discuter des nouvelles de la semaine, et que les demoiselles du quartier ne manquent jamais la promenade du dimanche sur les boulevards. La musique militaire a joué les meilleurs morceaux de son répertoire et les applaudissements n'ont pas été ménagés. Nous reviendrons prochainement sur cette charmante fête.

LE CHEVALIER BENGERMAN.
Pont-à-Mousson

Nous avons appris avec plaisir que la soirée donnée au théâtre a obtenu le plus vif succès devant un public nombreux et choisi. Les artistes ont été rappelés plusieurs fois et la salle entière a fait une ovation méritée à tous les interprètes de la pièce. On nous signale également que les habitués du café de la place se réunissent chaque soir pour discuter des nouvelles de la semaine, et que les demoiselles du quartier ne manquent jamais la promenade du dimanche sur les boulevards. La musique militaire a joué les meilleurs morceaux de son répertoire et les applaudissements n'ont pas été ménagés. Nous reviendrons prochainement sur cette charmante fête. Nous avons appris avec plaisir que la soirée donnée au théâtre a obtenu le plus vif succès devant un public nombreux et choisi. Les artistes ont été rappelés plusieurs fois et la salle entière a fait une ovation méritée à tous les interprètes de la pièce. On nous signale également que les habitués du café de la place se réunissent chaque soir pour discuter des nouvelles de la semaine, et que les demoiselles du quartier ne manquent jamais la promenade du dimanche sur les boulevards. La musique militaire a joué les meilleurs morceaux de son répertoire et les applaudissements n'ont pas été ménagés. Nous reviendrons prochainement sur cette charmante fête.

Malzéville

Nous avons appris avec plaisir que la soirée donnée au théâtre a obtenu le plus vif succès devant un public nombreux et choisi. Les artistes ont été rappelés plusieurs fois et la salle entière a fait une ovation méritée à tous les interprètes de la pièce. On nous signale également que les habitués du café de la place se réunissent chaque soir pour discuter des nouvelles de la semaine, et que les demoiselles du quartier ne manquent jamais la promenade du dimanche sur les boulevards. La musique militaire a joué les meilleurs morceaux de son répertoire et les applaudissements n'ont pas été ménagés. Nous reviendrons prochainement sur cette charmante fête. Nous avons appris avec plaisir que la soirée donnée au théâtre a obtenu le plus vif succès devant un public nombreux et choisi. Les artistes ont été rappelés plusieurs fois et la salle entière a fait une ovation méritée à tous les interprètes de la pièce. On nous signale également que les habitués du café de la place se réunissent chaque soir pour discuter des nouvelles de la semaine, et que les demoiselles du quartier ne manquent jamais la promenade du dimanche sur les boulevards. La musique militaire a joué les meilleurs morceaux de son répertoire et les applaudissements n'ont pas été ménagés. Nous reviendrons prochainement sur cette charmante fête. Nous avons appris avec plaisir que la soirée donnée au théâtre a obtenu le plus vif succès devant un public nombreux et choisi. Les artistes ont été rappelés plusieurs fois et la salle entière a fait une ovation méritée à tous les interprètes de la pièce. On nous signale également que les habitués du café de la place se réunissent chaque soir pour discuter des nouvelles de la semaine, et que les demoiselles du quartier ne manquent jamais la promenade du dimanche sur les boulevards. La musique militaire a joué les meilleurs morceaux de son répertoire et les applaudissements n'ont pas été ménagés. Nous reviendrons prochainement sur cette charmante fête.

UN GAINUAGEUR.
Commercy.

Nous avons appris avec plaisir que la soirée donnée au théâtre a obtenu le plus vif succès devant un public nombreux et choisi. Les artistes ont été rappelés plusieurs fois et la salle entière a fait une ovation méritée à tous les interprètes de la pièce. On nous signale également que les habitués du café de la place se réunissent chaque soir pour discuter des nouvelles de la semaine, et que les demoiselles du quartier ne manquent jamais la promenade du dimanche sur les boulevards. La musique militaire a joué les meilleurs morceaux de son répertoire et les applaudissements n'ont pas été ménagés. Nous reviendrons prochainement sur cette charmante fête. Nous avons appris avec plaisir que la soirée donnée au théâtre a obtenu le plus vif succès devant un public nombreux et choisi. Les artistes ont été rappelés plusieurs fois et la salle entière a fait une ovation méritée à tous les interprètes de la pièce. On nous signale également que les habitués du café de la place se réunissent chaque soir pour discuter des nouvelles de la semaine, et que les demoiselles du quartier ne manquent jamais la promenade du dimanche sur les boulevards. La musique militaire a joué les meilleurs morceaux de son répertoire et les applaudissements n'ont pas été ménagés. Nous reviendrons prochainement sur cette charmante fête. Nous avons appris avec plaisir que la soirée donnée au théâtre a obtenu le plus vif succès devant un public nombreux et choisi. Les artistes ont été rappelés plusieurs fois et la salle entière a fait une ovation méritée à tous les interprètes de la pièce. On nous signale également que les habitués du café de la place se réunissent chaque soir pour discuter des nouvelles de la semaine, et que les demoiselles du quartier ne manquent jamais la promenade du dimanche sur les boulevards. La musique militaire a joué les meilleurs morceaux de son répertoire et les applaudissements n'ont pas été ménagés. Nous reviendrons prochainement sur cette charmante fête. Nous avons appris avec plaisir que la soirée donnée au théâtre a obtenu le plus vif succès devant un public nombreux et choisi. Les artistes ont été rappelés plusieurs fois et la salle entière a fait une ovation méritée à tous les interprètes de la pièce. On nous signale également que les habitués du café de la place se réunissent chaque soir pour discuter des nouvelles de la semaine, et que les demoiselles du quartier ne manquent jamais la promenade du dimanche sur les boulevards. La musique militaire a joué les meilleurs morceaux de son répertoire et les applaudissements n'ont pas été ménagés. Nous reviendrons prochainement sur cette charmante fête.

Champignolles.

Nous avons appris avec plaisir que la soirée donnée au théâtre a obtenu le plus vif succès devant un public nombreux et choisi. Les artistes ont été rappelés plusieurs fois et la salle entière a fait une ovation méritée à tous les interprètes de la pièce. On nous signale également que les habitués du café de la place se réunissent chaque soir pour discuter des nouvelles de la semaine, et que les demoiselles du quartier ne manquent jamais la promenade du dimanche sur les boulevards. La musique militaire a joué les meilleurs morceaux de son répertoire et les applaudissements n'ont pas été ménagés. Nous reviendrons prochainement sur cette charmante fête. Nous avons appris avec plaisir que la soirée donnée au théâtre a obtenu le plus vif succès devant un public nombreux et choisi. Les artistes ont été rappelés plusieurs fois et la salle entière a fait une ovation méritée à tous les interprètes de la pièce. On nous signale également que les habitués du café de la place se réunissent chaque soir pour discuter des nouvelles de la semaine, et que les demoiselles du quartier ne manquent jamais la promenade du dimanche sur les boulevards. La musique militaire a joué les meilleurs morceaux de son répertoire et les applaudissements n'ont pas été ménagés. Nous reviendrons prochainement sur cette charmante fête.

Epinal

Nous avons appris avec plaisir que la soirée donnée au théâtre a obtenu le plus vif succès devant un public nombreux et choisi. Les artistes ont été rappelés plusieurs fois et la salle entière a fait une ovation méritée à tous les interprètes de la pièce. On nous signale également que les habitués du café de la place se réunissent chaque soir pour discuter des nouvelles de la semaine, et que les demoiselles du quartier ne manquent jamais la promenade du dimanche sur les boulevards. La musique militaire a joué les meilleurs morceaux de son répertoire et les applaudissements n'ont pas été ménagés. Nous reviendrons prochainement sur cette charmante fête. Nous avons appris avec plaisir que la soirée donnée au théâtre a obtenu le plus vif succès devant un public nombreux et choisi. Les artistes ont été rappelés plusieurs fois et la salle entière a fait une ovation méritée à tous les interprètes de la pièce. On nous signale également que les habitués du café de la place se réunissent chaque soir pour discuter des nouvelles de la semaine, et que les demoiselles du quartier ne manquent jamais la promenade du dimanche sur les boulevards. La musique militaire a joué les meilleurs morceaux de son répertoire et les applaudissements n'ont pas été ménagés. Nous reviendrons prochainement sur cette charmante fête. Nous avons appris avec plaisir que la soirée donnée au théâtre a obtenu le plus vif succès devant un public nombreux et choisi. Les artistes ont été rappelés plusieurs fois et la salle entière a fait une ovation méritée à tous les interprètes de la pièce. On nous signale également que les habitués du café de la place se réunissent chaque soir pour discuter des nouvelles de la semaine, et que les demoiselles du quartier ne manquent jamais la promenade du dimanche sur les boulevards. La musique militaire a joué les meilleurs morceaux de son répertoire et les applaudissements n'ont pas été ménagés. Nous reviendrons prochainement sur cette charmante fête.

Marie-Rose.

Nous avons appris avec plaisir que la soirée donnée au théâtre a obtenu le plus vif succès devant un public nombreux et choisi. Les artistes ont été rappelés plusieurs fois et la salle entière a fait une ovation méritée à tous les interprètes de la pièce. On nous signale également que les habitués du café de la place se réunissent chaque soir pour discuter des nouvelles de la semaine, et que les demoiselles du quartier ne manquent jamais la promenade du dimanche sur les boulevards. La musique militaire a joué les meilleurs morceaux de son répertoire et les applaudissements n'ont pas été ménagés. Nous reviendrons prochainement sur cette charmante fête. Nous avons appris avec plaisir que la soirée donnée au théâtre a obtenu le plus vif succès devant un public nombreux et choisi. Les artistes ont été rappelés plusieurs fois et la salle entière a fait une ovation méritée à tous les interprètes de la pièce. On nous signale également que les habitués du café de la place se réunissent chaque soir pour discuter des nouvelles de la semaine, et que les demoiselles du quartier ne manquent jamais la promenade du dimanche sur les boulevards. La musique militaire a joué les meilleurs morceaux de son répertoire et les applaudissements n'ont pas été ménagés. Nous reviendrons prochainement sur cette charmante fête. Nous avons appris avec plaisir que la soirée donnée au théâtre a obtenu le plus vif succès devant un public nombreux et choisi. Les artistes ont été rappelés plusieurs fois et la salle entière a fait une ovation méritée à tous les interprètes de la pièce. On nous signale également que les habitués du café de la place se réunissent chaque soir pour discuter des nouvelles de la semaine, et que les demoiselles du quartier ne manquent jamais la promenade du dimanche sur les boulevards. La musique militaire a joué les meilleurs morceaux de son répertoire et les applaudissements n'ont pas été ménagés. Nous reviendrons prochainement sur cette charmante fête. Nous avons appris avec plaisir que la soirée donnée au théâtre a obtenu le plus vif succès devant un public nombreux et choisi. Les artistes ont été rappelés plusieurs fois et la salle entière a fait une ovation méritée à tous les interprètes de la pièce. On nous signale également que les habitués du café de la place se réunissent chaque soir pour discuter des nouvelles de la semaine, et que les demoiselles du quartier ne manquent jamais la promenade du dimanche sur les boulevards. La musique militaire a joué les meilleurs morceaux de son répertoire et les applaudissements n'ont pas été ménagés. Nous reviendrons prochainement sur cette charmante fête.

U-ne-Dex.
Pinac

Nous avons appris avec plaisir que la soirée donnée au théâtre a obtenu le plus vif succès devant un public nombreux et choisi. Les artistes ont été rappelés plusieurs fois et la salle entière a fait une ovation méritée à tous les interprètes de la pièce. On nous signale également que les habitués du café de la place se réunissent chaque soir pour discuter des nouvelles de la semaine, et que les demoiselles du quartier ne manquent jamais la promenade du dimanche sur les boulevards. La musique militaire a joué les meilleurs morceaux de son répertoire et les applaudissements n'ont pas été ménagés. Nous reviendrons prochainement sur cette charmante fête. Nous avons appris avec plaisir que la soirée donnée au théâtre a obtenu le plus vif succès devant un public nombreux et choisi. Les artistes ont été rappelés plusieurs fois et la salle entière a fait une ovation méritée à tous les interprètes de la pièce. On nous signale également que les habitués du café de la place se réunissent chaque soir pour discuter des nouvelles de la semaine, et que les demoiselles du quartier ne manquent jamais la promenade du dimanche sur les boulevards. La musique militaire a joué les meilleurs morceaux de son répertoire et les applaudissements n'ont pas été ménagés. Nous reviendrons prochainement sur cette charmante fête.

Sedan

Nous avons appris avec plaisir que la soirée donnée au théâtre a obtenu le plus vif succès devant un public nombreux et choisi. Les artistes ont été rappelés plusieurs fois et la salle entière a fait une ovation méritée à tous les interprètes de la pièce. On nous signale également que les habitués du café de la place se réunissent chaque soir pour discuter des nouvelles de la semaine, et que les demoiselles du quartier ne manquent jamais la promenade du dimanche sur les boulevards. La musique militaire a joué les meilleurs morceaux de son répertoire et les applaudissements n'ont pas été ménagés. Nous reviendrons prochainement sur cette charmante fête. Nous avons appris avec plaisir que la soirée donnée au théâtre a obtenu le plus vif succès devant un public nombreux et choisi. Les artistes ont été rappelés plusieurs fois et la salle entière a fait une ovation méritée à tous les interprètes de la pièce. On nous signale également que les habitués du café de la place se réunissent chaque soir pour discuter des nouvelles de la semaine, et que les demoiselles du quartier ne manquent jamais la promenade du dimanche sur les boulevards. La musique militaire a joué les meilleurs morceaux de son répertoire et les applaudissements n'ont pas été ménagés. Nous reviendrons prochainement sur cette charmante fête. Nous avons appris avec plaisir que la soirée donnée au théâtre a obtenu le plus vif succès devant un public nombreux et choisi. Les artistes ont été rappelés plusieurs fois et la salle entière a fait une ovation méritée à tous les interprètes de la pièce. On nous signale également que les habitués du café de la place se réunissent chaque soir pour discuter des nouvelles de la semaine, et que les demoiselles du quartier ne manquent jamais la promenade du dimanche sur les boulevards. La musique militaire a joué les meilleurs morceaux de son répertoire et les applaudissements n'ont pas été ménagés. Nous reviendrons prochainement sur cette charmante fête.

CAROLUS.
LA « BAVARDE » A NICE

Nous avons appris avec plaisir que la soirée donnée au théâtre a obtenu le plus vif succès devant un public nombreux et choisi. Les artistes ont été rappelés plusieurs fois et la salle entière a fait une ovation méritée à tous les interprètes de la pièce. On nous signale également que les habitués du café de la place se réunissent chaque soir pour discuter des nouvelles de la semaine, et que les demoiselles du quartier ne manquent jamais la promenade du dimanche sur les boulevards. La musique militaire a joué les meilleurs morceaux de son répertoire et les applaudissements n'ont pas été ménagés. Nous reviendrons prochainement sur cette charmante fête. Nous avons appris avec plaisir que la soirée donnée au théâtre a obtenu le plus vif succès devant un public nombreux et choisi. Les artistes ont été rappelés plusieurs fois et la salle entière a fait une ovation méritée à tous les interprètes de la pièce. On nous signale également que les habitués du café de la place se réunissent chaque soir pour discuter des nouvelles de la semaine, et que les demoiselles du quartier ne manquent jamais la promenade du dimanche sur les boulevards. La musique militaire a joué les meilleurs morceaux de son répertoire et les applaudissements n'ont pas été ménagés. Nous reviendrons prochainement sur cette charmante fête. Nous avons appris avec plaisir que la soirée donnée au théâtre a obtenu le plus vif succès devant un public nombreux et choisi. Les artistes ont été rappelés plusieurs fois et la salle entière a fait une ovation méritée à tous les interprètes de la pièce. On nous signale également que les habitués du café de la place se réunissent chaque soir pour discuter des nouvelles de la semaine, et que les demoiselles du quartier ne manquent jamais la promenade du dimanche sur les boulevards. La musique militaire a joué les meilleurs morceaux de son répertoire et les applaudissements n'ont pas été ménagés. Nous reviendrons prochainement sur cette charmante fête. Nous avons appris avec plaisir que la soirée donnée au théâtre a obtenu le plus vif succès devant un public nombreux et choisi. Les artistes ont été rappelés plusieurs fois et la salle entière a fait une ovation méritée à tous les interprètes de la pièce. On nous signale également que les habitués du café de la place se réunissent chaque soir pour discuter des nouvelles de la semaine, et que les demoiselles du quartier ne manquent jamais la promenade du dimanche sur les boulevards. La musique militaire a joué les meilleurs morceaux de son répertoire et les applaudissements n'ont pas été ménagés. Nous reviendrons prochainement sur cette charmante fête.

GUSTAVE-VERA.

Nous avons appris avec plaisir que la soirée donnée au théâtre a obtenu le plus vif succès devant un public nombreux et choisi. Les artistes ont été rappelés plusieurs fois et la salle entière a fait une ovation méritée à tous les interprètes de la pièce. On nous signale également que les habitués du café de la place se réunissent chaque soir pour discuter des nouvelles de la semaine, et que les demoiselles du quartier ne manquent jamais la promenade du dimanche sur les boulevards. La musique militaire a joué les meilleurs morceaux de son répertoire et les applaudissements n'ont pas été ménagés. Nous reviendrons prochainement sur cette charmante fête. Nous avons appris avec plaisir que la soirée donnée au théâtre a obtenu le plus vif succès devant un public nombreux et choisi. Les artistes ont été rappelés plusieurs fois et la salle entière a fait une ovation méritée à tous les interprètes de la pièce. On nous signale également que les habitués du café de la place se réunissent chaque soir pour discuter des nouvelles de la semaine, et que les demoiselles du quartier ne manquent jamais la promenade du dimanche sur les boulevards. La musique militaire a joué les meilleurs morceaux de son répertoire et les applaudissements n'ont pas été ménagés. Nous reviendrons prochainement sur cette charmante fête.

Victor LINC.
